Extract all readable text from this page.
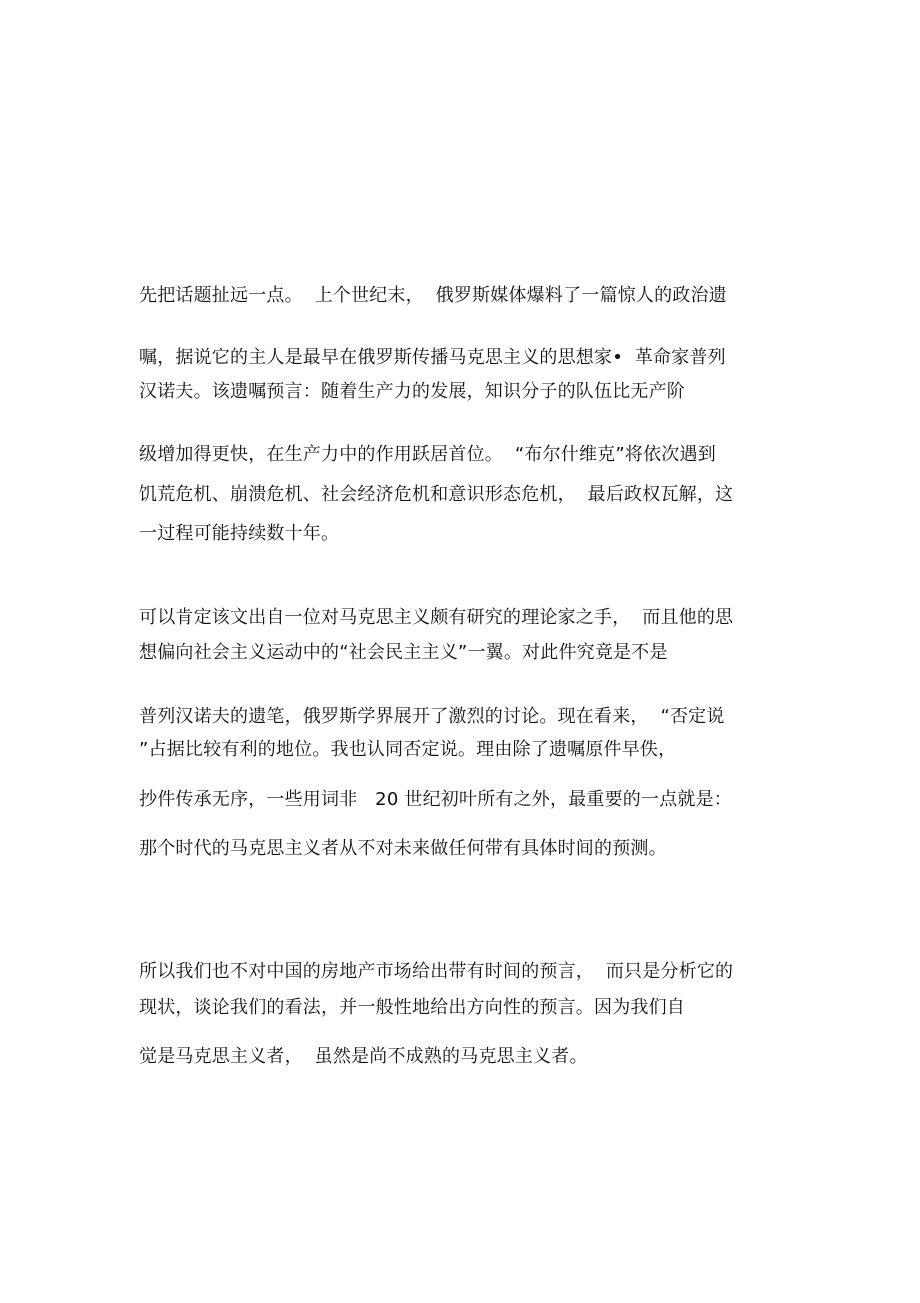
先把话题扯远一点。  上个世纪末，  俄罗斯媒体爆料了一篇惊人的政治遗
嘱，据说它的主人是最早在俄罗斯传播马克思主义的思想家•  革命家普列
汉诺夫。该遗嘱预言：随着生产力的发展，知识分子的队伍比无产阶
级增加得更快，在生产力中的作用跃居首位。  “布尔什维克”将依次遇到
饥荒危机、崩溃危机、社会经济危机和意识形态危机，  最后政权瓦解，这
一过程可能持续数十年。
可以肯定该文出自一位对马克思主义颇有研究的理论家之手，  而且他的思
想偏向社会主义运动中的“社会民主主义”一翼。对此件究竟是不是
普列汉诺夫的遗笔，俄罗斯学界展开了激烈的讨论。现在看来，  “否定说
”占据比较有利的地位。我也认同否定说。理由除了遗嘱原件早佚，
抄件传承无序，一些用词非   20 世纪初叶所有之外，最重要的一点就是：
那个时代的马克思主义者从不对未来做任何带有具体时间的预测。
所以我们也不对中国的房地产市场给出带有时间的预言，  而只是分析它的
现状，谈论我们的看法，并一般性地给出方向性的预言。因为我们自
觉是马克思主义者，  虽然是尚不成熟的马克思主义者。
